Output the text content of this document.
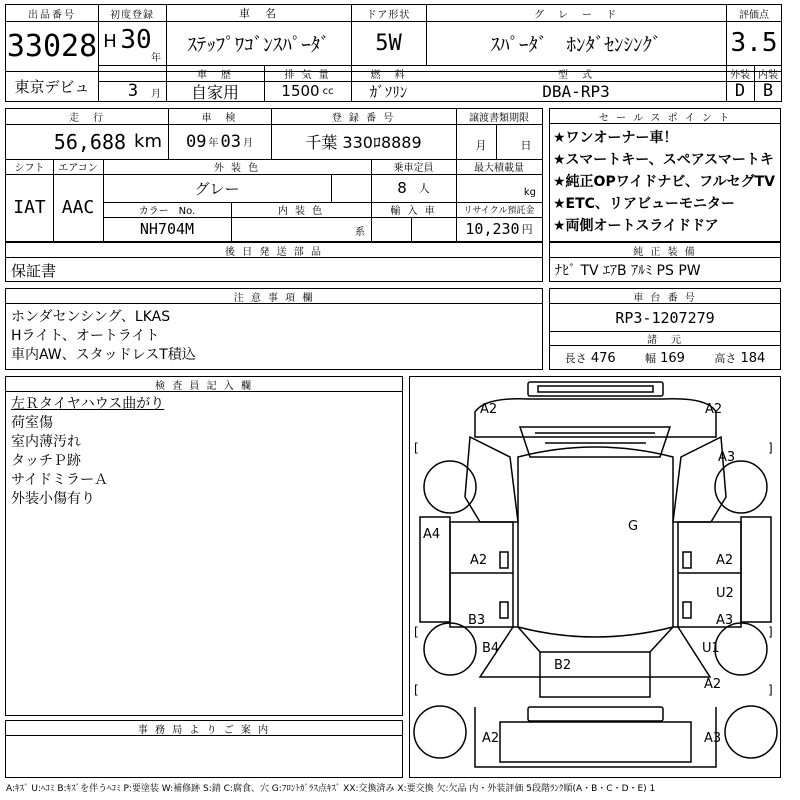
出品番号
33028
東京デビュ
初度登録
H 30
年
3	月
車　名
ｽﾃｯﾌﾟﾜｺﾞﾝｽﾊﾟｰﾀﾞ
ドア形状
5W
グ　レ　ー　ド
ｽﾊﾟｰﾀﾞ　ﾎﾝﾀﾞｾﾝｼﾝｸﾞ
車　歴
自家用
排 気 量
1500 cc
燃　料
ｶﾞｿﾘﾝ
型　式
DBA-RP3
評価点
3.5
外装 内装
D	B
走　行
56,688 km
車　検
09 年 03 月
登 録 番 号
千葉 330ﾛ8889
譲渡書類期限
月	日
シフト
IAT
エアコン
AAC
外 装 色
グレー
乗車定員
8 人
最大積載量
kg
カラー　No.
NH704M
内 装 色
系
輸 入 車	リサイクル預託金
10,230 円
セ ー ル ス ポ イ ン ト
★ワンオーナー車！
★スマートキー、スペアスマートキ
★純正OPワイドナビ、フルセグTV
★ETC、リアビューモニター
★両側オートスライドドア
後 日 発 送 部 品
保証書
純 正 装 備
ﾅﾋﾞ TV ｴｱB ｱﾙﾐ PS PW
注 意 事 項 欄
ホンダセンシング、LKAS
Hライト、オートライト
車内AW、スタッドレスT積込
車 台 番 号
RP3-1207279
諸　元
長さ 476	幅 169	高さ 184
検 査 員 記 入 欄
左Ｒタイヤハウス曲がり
荷室傷
室内薄汚れ
タッチＰ跡
サイドミラーＡ
外装小傷有り
事 務 局 よ り ご 案 内
A2	A2
A3
G
A4
A2	A2
U2
B3	A3
B4	U1
B2
A2
A2	A3
[	]
[	]
[	]
A:ｷｽﾞ U:ﾍｺﾐ B:ｷｽﾞを伴うﾍｺﾐ P:要塗装 W:補修跡 S:錆 C:腐食、穴 G:ﾌﾛﾝﾄｶﾞﾗｽ点ｷｽﾞ XX:交換済み X:要交換 欠:欠品 内・外装評価 5段階ﾗﾝｸ順(A・B・C・D・E) 1
